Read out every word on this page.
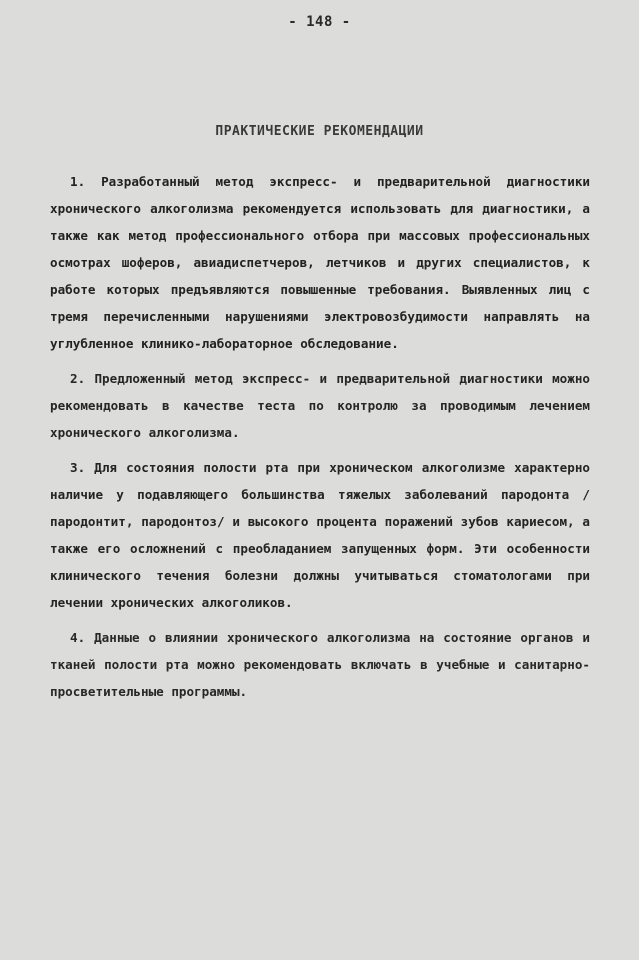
- 148 -
ПРАКТИЧЕСКИЕ РЕКОМЕНДАЦИИ

1. Разработанный метод экспресс- и предварительной диагностики хронического алкоголизма рекомендуется использовать для диагностики, а также как метод профессионального отбора при массовых профессиональных осмотрах шоферов, авиадиспетчеров, летчиков и других специалистов, к работе которых предъявляются повышенные требования. Выявленных лиц с тремя перечисленными нарушениями электровозбудимости направлять на углубленное клинико-лабораторное обследование.

2. Предложенный метод экспресс- и предварительной диагностики можно рекомендовать в качестве теста по контролю за проводимым лечением хронического алкоголизма.

3. Для состояния полости рта при хроническом алкоголизме характерно наличие у подавляющего большинства тяжелых заболеваний пародонта /пародонтит, пародонтоз/ и высокого процента поражений зубов кариесом, а также его осложнений с преобладанием запущенных форм. Эти особенности клинического течения болезни должны учитываться стоматологами при лечении хронических алкоголиков.

4. Данные о влиянии хронического алкоголизма на состояние органов и тканей полости рта можно рекомендовать включать в учебные и санитарно-просветительные программы.
